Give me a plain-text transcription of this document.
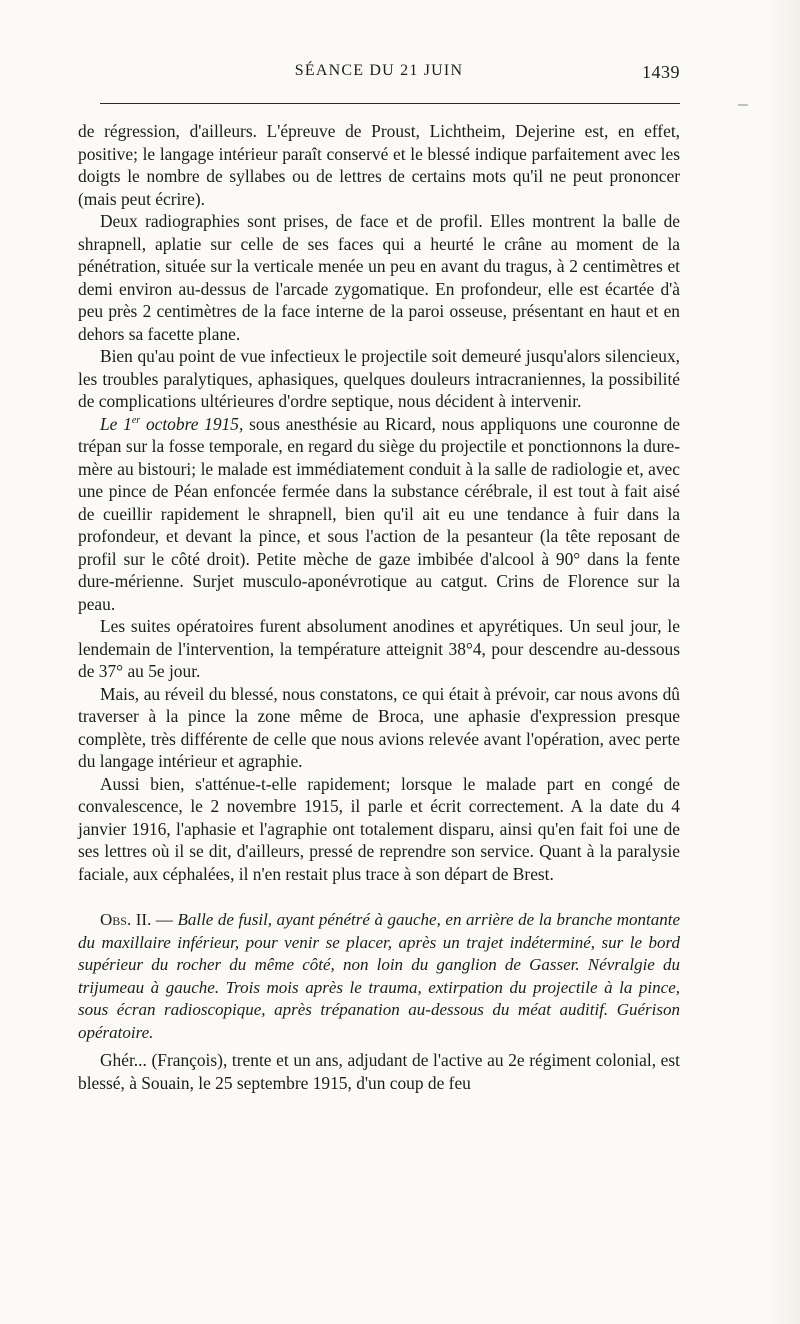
SÉANCE DU 21 JUIN	1439

de régression, d'ailleurs. L'épreuve de Proust, Lichtheim, Dejerine est, en effet, positive; le langage intérieur paraît conservé et le blessé indique parfaitement avec les doigts le nombre de syllabes ou de lettres de certains mots qu'il ne peut prononcer (mais peut écrire).

Deux radiographies sont prises, de face et de profil. Elles montrent la balle de shrapnell, aplatie sur celle de ses faces qui a heurté le crâne au moment de la pénétration, située sur la verticale menée un peu en avant du tragus, à 2 centimètres et demi environ au-dessus de l'arcade zygomatique. En profondeur, elle est écartée d'à peu près 2 centimètres de la face interne de la paroi osseuse, présentant en haut et en dehors sa facette plane.

Bien qu'au point de vue infectieux le projectile soit demeuré jusqu'alors silencieux, les troubles paralytiques, aphasiques, quelques douleurs intracraniennes, la possibilité de complications ultérieures d'ordre septique, nous décident à intervenir.

Le 1er octobre 1915, sous anesthésie au Ricard, nous appliquons une couronne de trépan sur la fosse temporale, en regard du siège du projectile et ponctionnons la dure-mère au bistouri; le malade est immédiatement conduit à la salle de radiologie et, avec une pince de Péan enfoncée fermée dans la substance cérébrale, il est tout à fait aisé de cueillir rapidement le shrapnell, bien qu'il ait eu une tendance à fuir dans la profondeur, et devant la pince, et sous l'action de la pesanteur (la tête reposant de profil sur le côté droit). Petite mèche de gaze imbibée d'alcool à 90° dans la fente dure-mérienne. Surjet musculo-aponévrotique au catgut. Crins de Florence sur la peau.

Les suites opératoires furent absolument anodines et apyrétiques. Un seul jour, le lendemain de l'intervention, la température atteignit 38°4, pour descendre au-dessous de 37° au 5e jour.

Mais, au réveil du blessé, nous constatons, ce qui était à prévoir, car nous avons dû traverser à la pince la zone même de Broca, une aphasie d'expression presque complète, très différente de celle que nous avions relevée avant l'opération, avec perte du langage intérieur et agraphie.

Aussi bien, s'atténue-t-elle rapidement; lorsque le malade part en congé de convalescence, le 2 novembre 1915, il parle et écrit correctement. A la date du 4 janvier 1916, l'aphasie et l'agraphie ont totalement disparu, ainsi qu'en fait foi une de ses lettres où il se dit, d'ailleurs, pressé de reprendre son service. Quant à la paralysie faciale, aux céphalées, il n'en restait plus trace à son départ de Brest.

Obs. II. — Balle de fusil, ayant pénétré à gauche, en arrière de la branche montante du maxillaire inférieur, pour venir se placer, après un trajet indéterminé, sur le bord supérieur du rocher du même côté, non loin du ganglion de Gasser. Névralgie du trijumeau à gauche. Trois mois après le trauma, extirpation du projectile à la pince, sous écran radioscopique, après trépanation au-dessous du méat auditif. Guérison opératoire.

Ghér... (François), trente et un ans, adjudant de l'active au 2e régiment colonial, est blessé, à Souain, le 25 septembre 1915, d'un coup de feu
